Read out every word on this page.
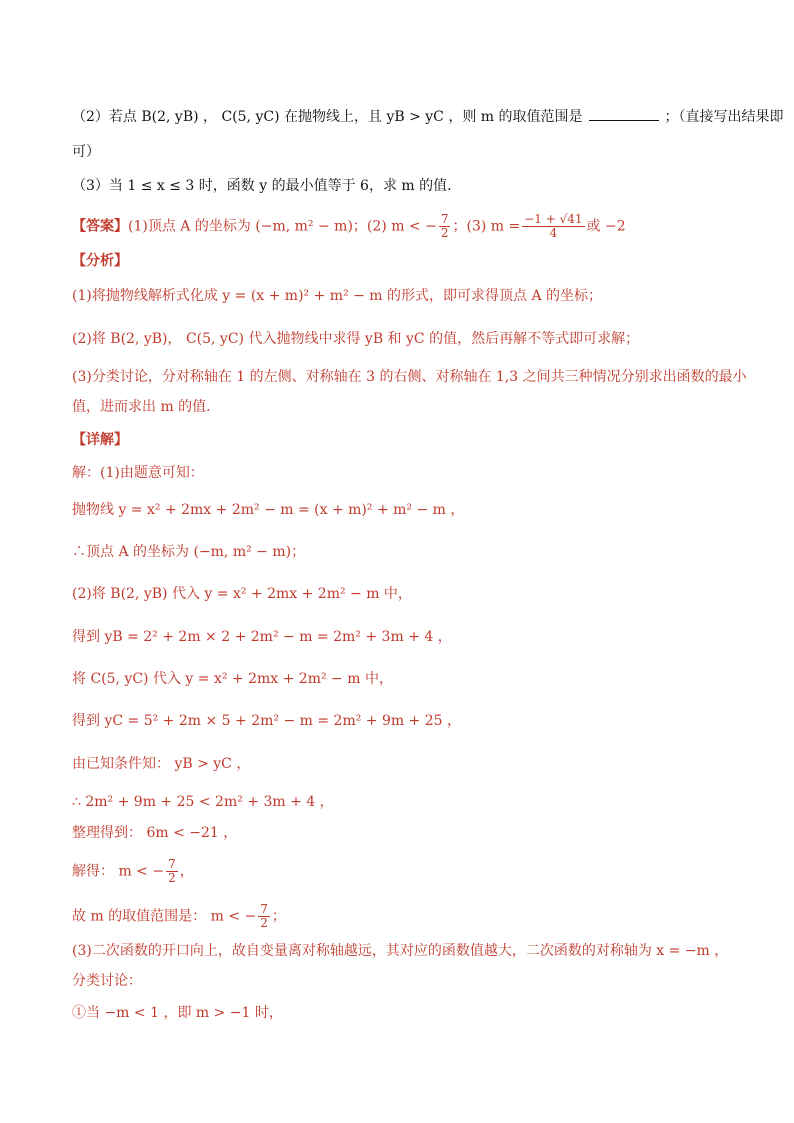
（2）若点 B(2, yB) ， C(5, yC) 在抛物线上，且 yB > yC ，则 m 的取值范围是	；（直接写出结果即
可）
（3）当 1 ≤ x ≤ 3 时，函数 y 的最小值等于 6，求 m 的值．
【答案】(1)顶点 A 的坐标为 (−m, m² − m)；(2) m < − $\frac{7}{2}$ ；(3) $m = \frac{-1 + √41}{4}$ 或 −2
【分析】
(1)将抛物线解析式化成 y = (x + m)² + m² − m 的形式，即可求得顶点 A 的坐标；
(2)将 B(2, yB)， C(5, yC) 代入抛物线中求得 yB 和 yC 的值，然后再解不等式即可求解；
(3)分类讨论，分对称轴在 1 的左侧、对称轴在 3 的右侧、对称轴在 1,3 之间共三种情况分别求出函数的最小
值，进而求出 m 的值．
【详解】
解：(1)由题意可知：
抛物线 y = x² + 2mx + 2m² − m = (x + m)² + m² − m ，
∴顶点 A 的坐标为 (−m, m² − m)；
(2)将 B(2, yB) 代入 y = x² + 2mx + 2m² − m 中，
得到 yB = 2² + 2m × 2 + 2m² − m = 2m² + 3m + 4 ，
将 C(5, yC) 代入 y = x² + 2mx + 2m² − m 中，
得到 yC = 5² + 2m × 5 + 2m² − m = 2m² + 9m + 25 ，
由已知条件知： yB > yC ，
∴ 2m² + 9m + 25 < 2m² + 3m + 4 ，
整理得到： 6m < −21 ，
解得： m < − $\frac{7}{2}$ ，
故 m 的取值范围是： m < − $\frac{7}{2}$ ；
(3)二次函数的开口向上，故自变量离对称轴越远，其对应的函数值越大，二次函数的对称轴为 x = −m ，
分类讨论：
①当 −m < 1 ，即 m > −1 时，
